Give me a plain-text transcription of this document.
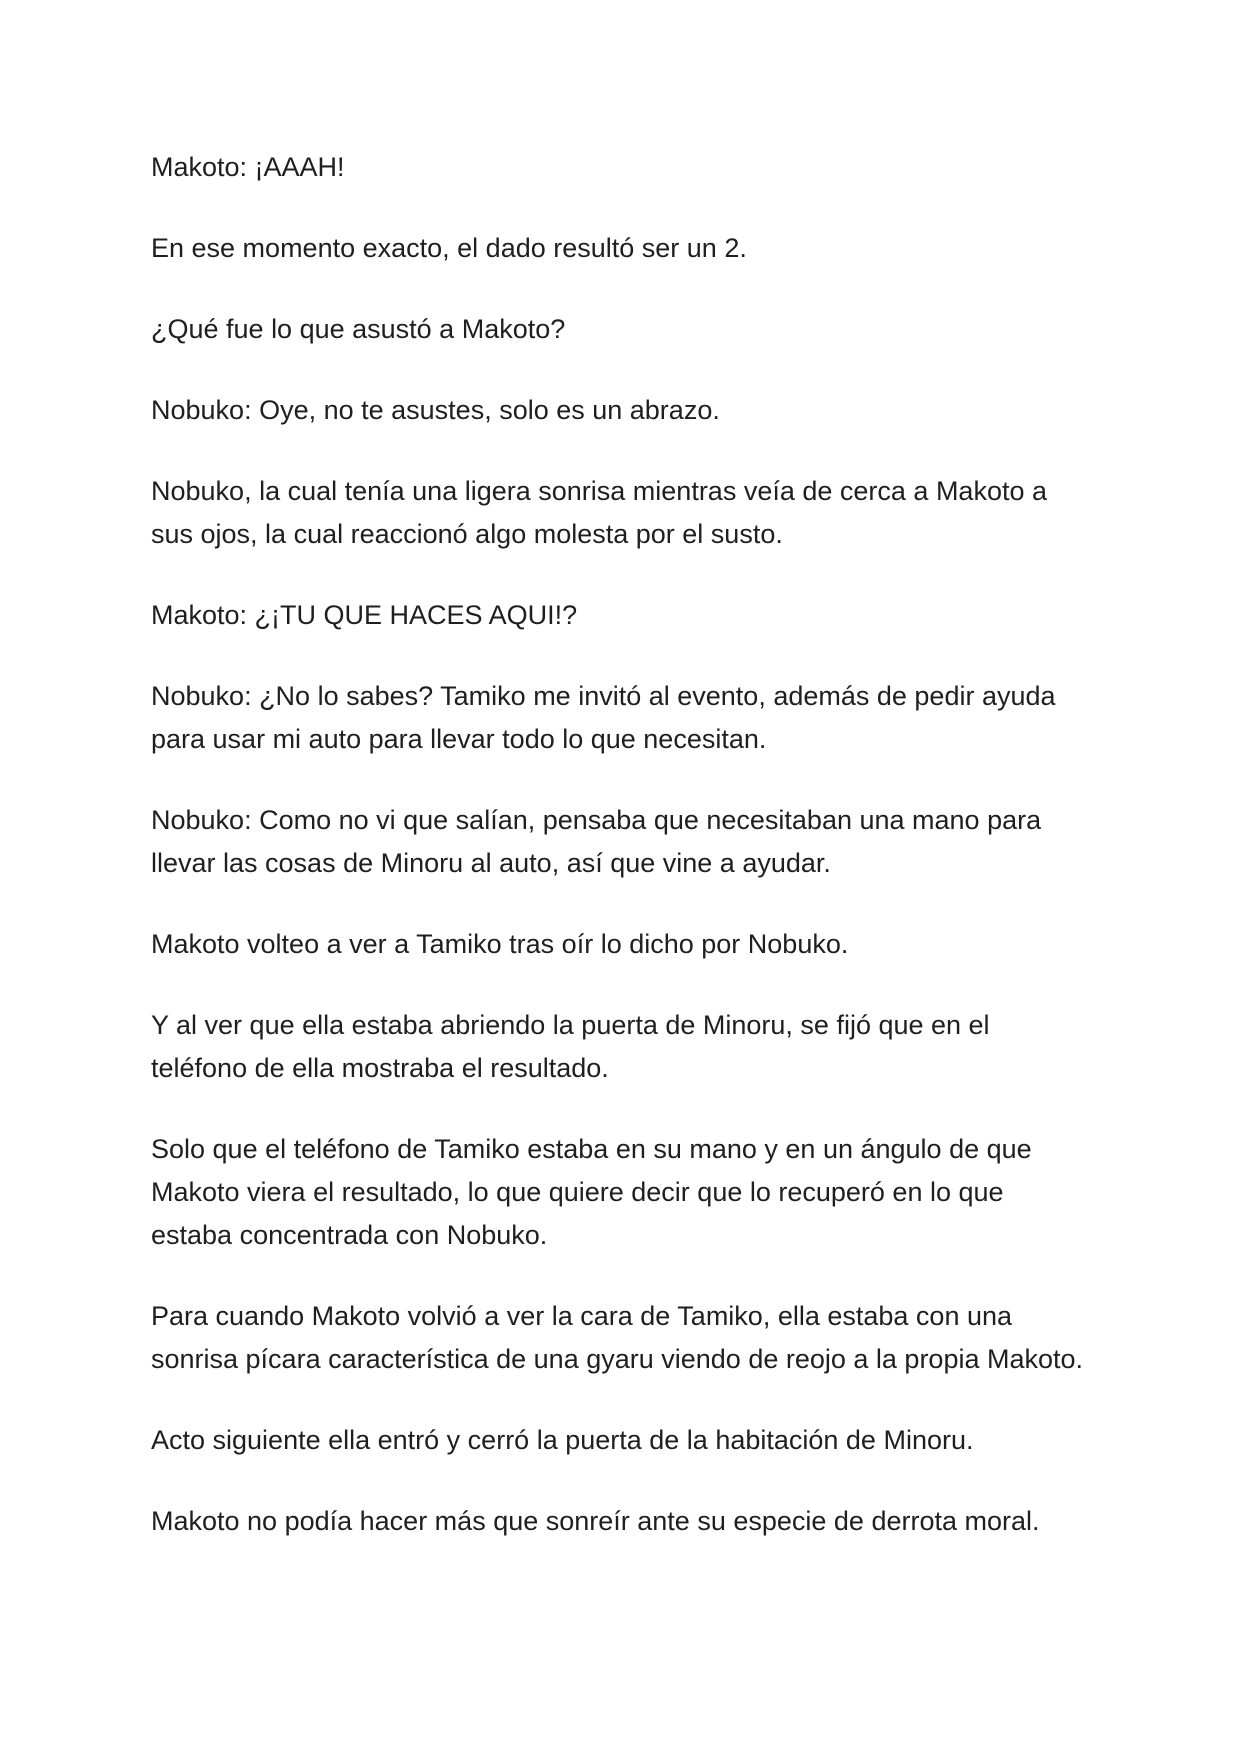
Makoto: ¡AAAH!

En ese momento exacto, el dado resultó ser un 2.

¿Qué fue lo que asustó a Makoto?

Nobuko: Oye, no te asustes, solo es un abrazo.

Nobuko, la cual tenía una ligera sonrisa mientras veía de cerca a Makoto a sus ojos, la cual reaccionó algo molesta por el susto.

Makoto: ¿¡TU QUE HACES AQUI!?

Nobuko: ¿No lo sabes? Tamiko me invitó al evento, además de pedir ayuda para usar mi auto para llevar todo lo que necesitan.

Nobuko: Como no vi que salían, pensaba que necesitaban una mano para llevar las cosas de Minoru al auto, así que vine a ayudar.

Makoto volteo a ver a Tamiko tras oír lo dicho por Nobuko.

Y al ver que ella estaba abriendo la puerta de Minoru, se fijó que en el teléfono de ella mostraba el resultado.

Solo que el teléfono de Tamiko estaba en su mano y en un ángulo de que Makoto viera el resultado, lo que quiere decir que lo recuperó en lo que estaba concentrada con Nobuko.

Para cuando Makoto volvió a ver la cara de Tamiko, ella estaba con una sonrisa pícara característica de una gyaru viendo de reojo a la propia Makoto.

Acto siguiente ella entró y cerró la puerta de la habitación de Minoru.

Makoto no podía hacer más que sonreír ante su especie de derrota moral.
